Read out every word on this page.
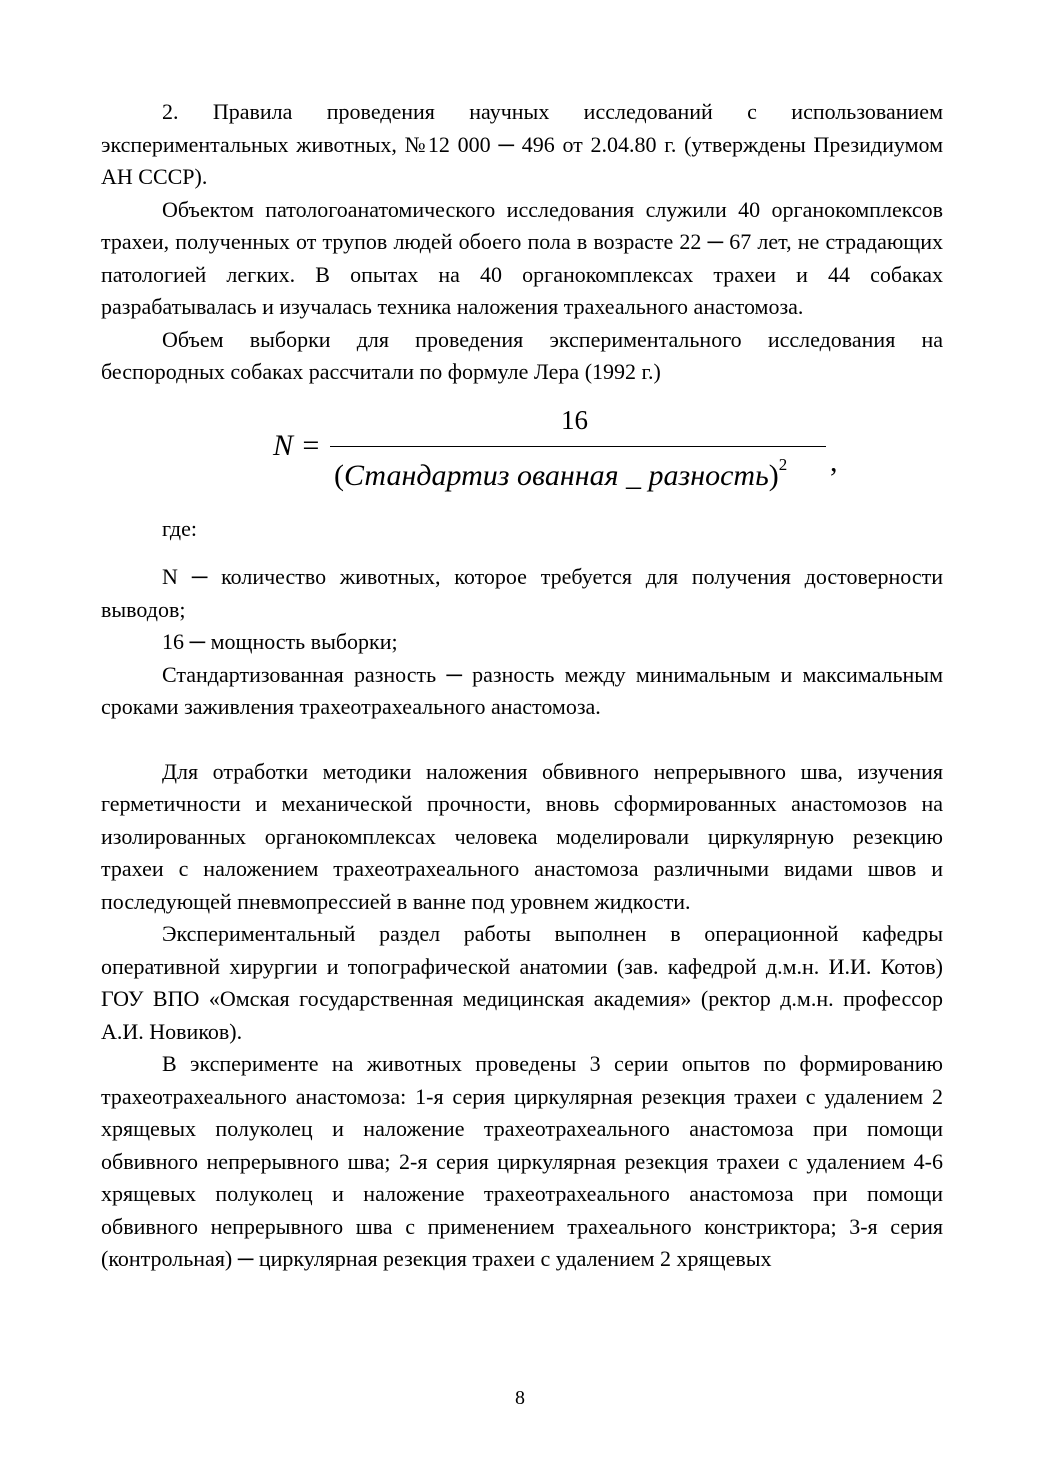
2. Правила проведения научных исследований с использованием экспериментальных животных, №12 000 ─ 496 от 2.04.80 г. (утверждены Президиумом АН СССР).

Объектом патологоанатомического исследования служили 40 органокомплексов трахеи, полученных от трупов людей обоего пола в возрасте 22 ─ 67 лет, не страдающих патологией легких. В опытах на 40 органокомплексах трахеи и 44 собаках разрабатывалась и изучалась техника наложения трахеального анастомоза.

Объем выборки для проведения экспериментального исследования на беспородных собаках рассчитали по формуле Лера (1992 г.)

N =
16
(Стандартиз ованная _ разность)$^2$ ,

где:

N ─ количество животных, которое требуется для получения достоверности выводов;

16 ─ мощность выборки;

Стандартизованная разность ─ разность между минимальным и максимальным сроками заживления трахеотрахеального анастомоза.

Для отработки методики наложения обвивного непрерывного шва, изучения герметичности и механической прочности, вновь сформированных анастомозов на изолированных органокомплексах человека моделировали циркулярную резекцию трахеи с наложением трахеотрахеального анастомоза различными видами швов и последующей пневмопрессией в ванне под уровнем жидкости.

Экспериментальный раздел работы выполнен в операционной кафедры оперативной хирургии и топографической анатомии (зав. кафедрой д.м.н. И.И. Котов) ГОУ ВПО «Омская государственная медицинская академия» (ректор д.м.н. профессор А.И. Новиков).

В эксперименте на животных проведены 3 серии опытов по формированию трахеотрахеального анастомоза: 1-я серия циркулярная резекция трахеи с удалением 2 хрящевых полуколец и наложение трахеотрахеального анастомоза при помощи обвивного непрерывного шва; 2-я серия циркулярная резекция трахеи с удалением 4-6 хрящевых полуколец и наложение трахеотрахеального анастомоза при помощи обвивного непрерывного шва с применением трахеального констриктора; 3-я серия (контрольная) ─ циркулярная резекция трахеи с удалением 2 хрящевых

8
